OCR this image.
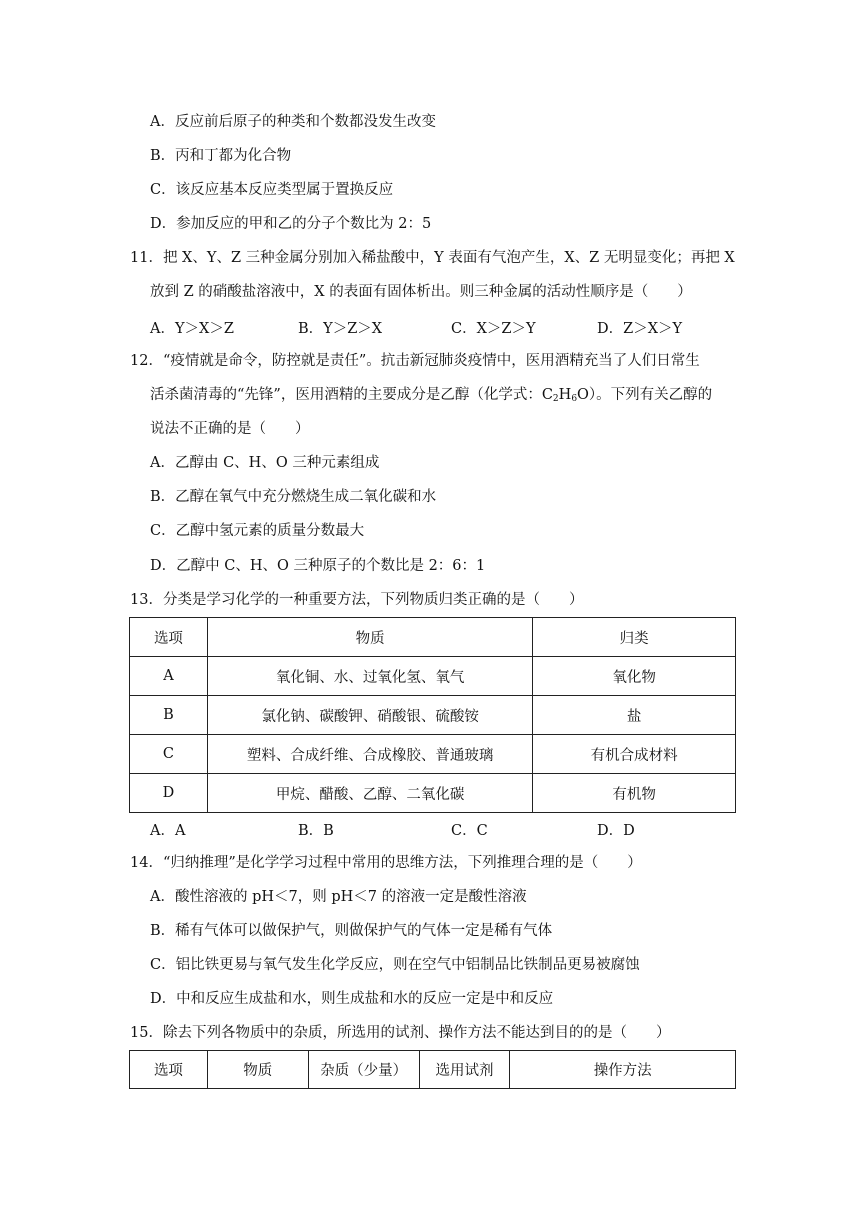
A．反应前后原子的种类和个数都没发生改变
B．丙和丁都为化合物
C．该反应基本反应类型属于置换反应
D．参加反应的甲和乙的分子个数比为 2：5
11．把 X、Y、Z 三种金属分别加入稀盐酸中，Y 表面有气泡产生，X、Z 无明显变化；再把 X
放到 Z 的硝酸盐溶液中，X 的表面有固体析出。则三种金属的活动性顺序是（　　）
A．Y＞X＞Z	B．Y＞Z＞X	C．X＞Z＞Y	D．Z＞X＞Y
12．“疫情就是命令，防控就是责任”。抗击新冠肺炎疫情中，医用酒精充当了人们日常生
活杀菌清毒的“先锋”，医用酒精的主要成分是乙醇（化学式：$C_2H_6O$）。下列有关乙醇的
说法不正确的是（　　）
A．乙醇由 C、H、O 三种元素组成
B．乙醇在氧气中充分燃烧生成二氧化碳和水
C．乙醇中氢元素的质量分数最大
D．乙醇中 C、H、O 三种原子的个数比是 2：6：1
13．分类是学习化学的一种重要方法，下列物质归类正确的是（　　）
选项	物质	归类
A	氧化铜、水、过氧化氢、氧气	氧化物
B	氯化钠、碳酸钾、硝酸银、硫酸铵	盐
C	塑料、合成纤维、合成橡胶、普通玻璃	有机合成材料
D	甲烷、醋酸、乙醇、二氧化碳	有机物
A．A	B．B	C．C	D．D
14．“归纳推理”是化学学习过程中常用的思维方法，下列推理合理的是（　　）
A．酸性溶液的 pH＜7，则 pH＜7 的溶液一定是酸性溶液
B．稀有气体可以做保护气，则做保护气的气体一定是稀有气体
C．铝比铁更易与氧气发生化学反应，则在空气中铝制品比铁制品更易被腐蚀
D．中和反应生成盐和水，则生成盐和水的反应一定是中和反应
15．除去下列各物质中的杂质，所选用的试剂、操作方法不能达到目的的是（　　）
选项	物质	杂质（少量）	选用试剂	操作方法
